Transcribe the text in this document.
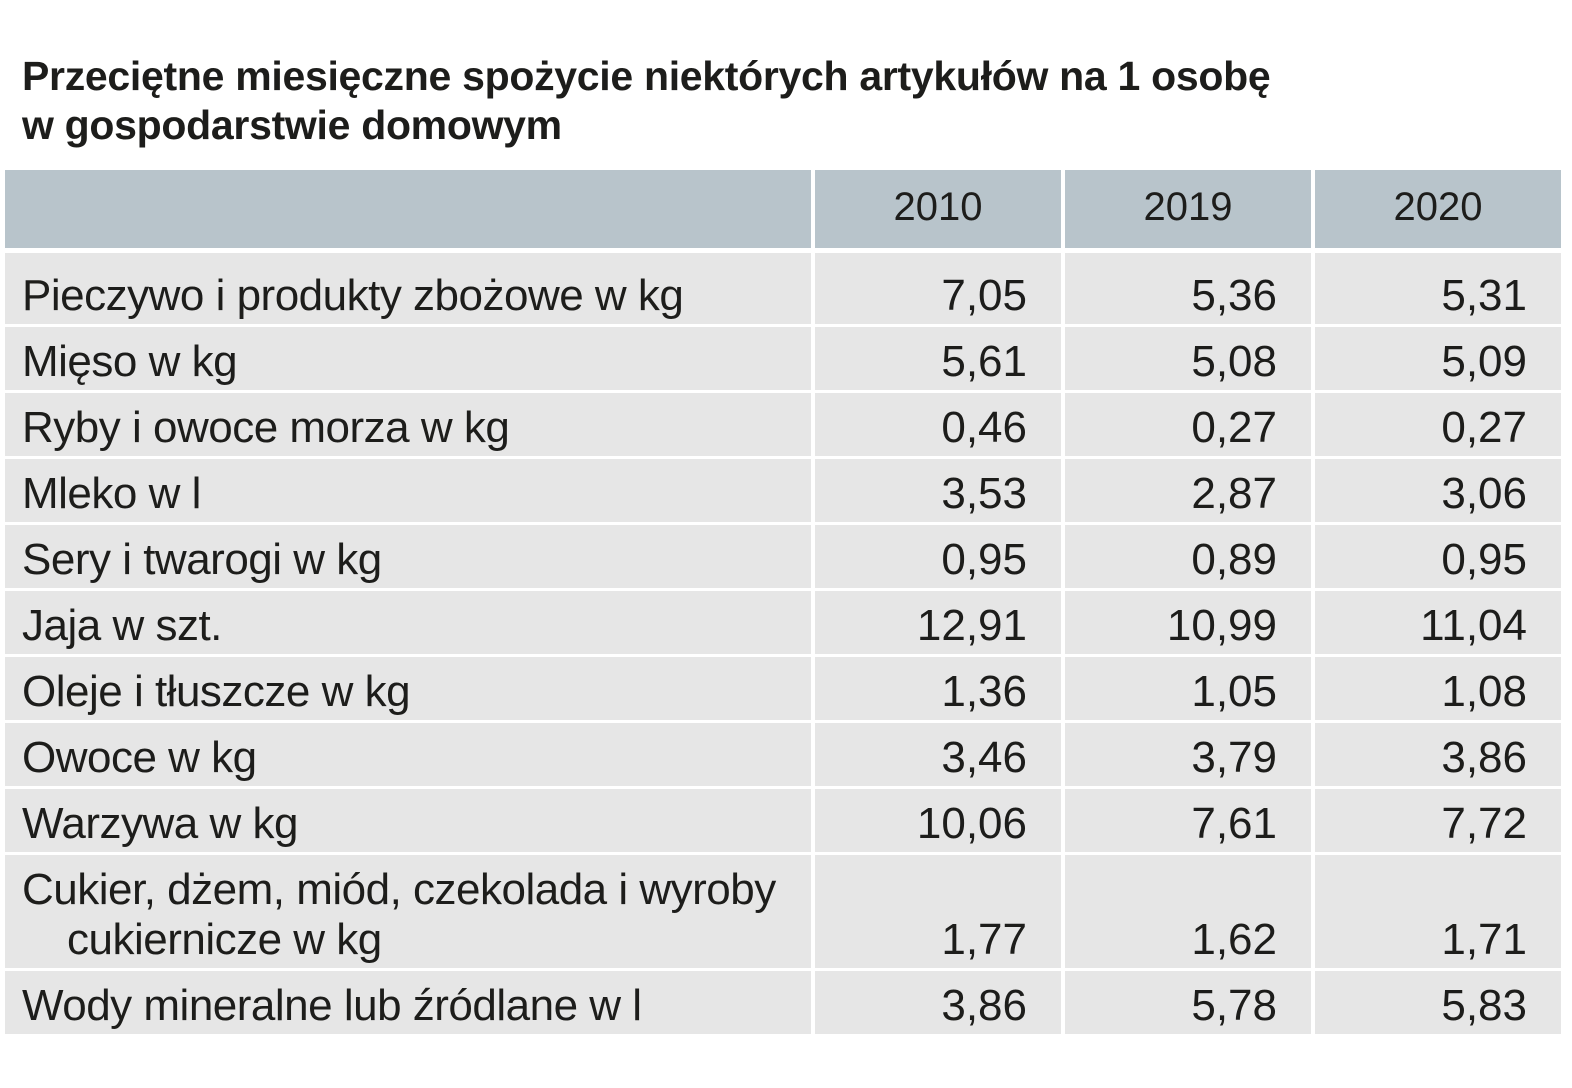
Przeciętne miesięczne spożycie niektórych artykułów na 1 osobę
w gospodarstwie domowym
	2010	2019	2020
Pieczywo i produkty zbożowe w kg	7,05	5,36	5,31
Mięso w kg	5,61	5,08	5,09
Ryby i owoce morza w kg	0,46	0,27	0,27
Mleko w l	3,53	2,87	3,06
Sery i twarogi w kg	0,95	0,89	0,95
Jaja w szt.	12,91	10,99	11,04
Oleje i tłuszcze w kg	1,36	1,05	1,08
Owoce w kg	3,46	3,79	3,86
Warzywa w kg	10,06	7,61	7,72

Cukier, dżem, miód, czekolada i wyroby
cukiernicze w kg	1,77	1,62	1,71
Wody mineralne lub źródlane w l	3,86	5,78	5,83
